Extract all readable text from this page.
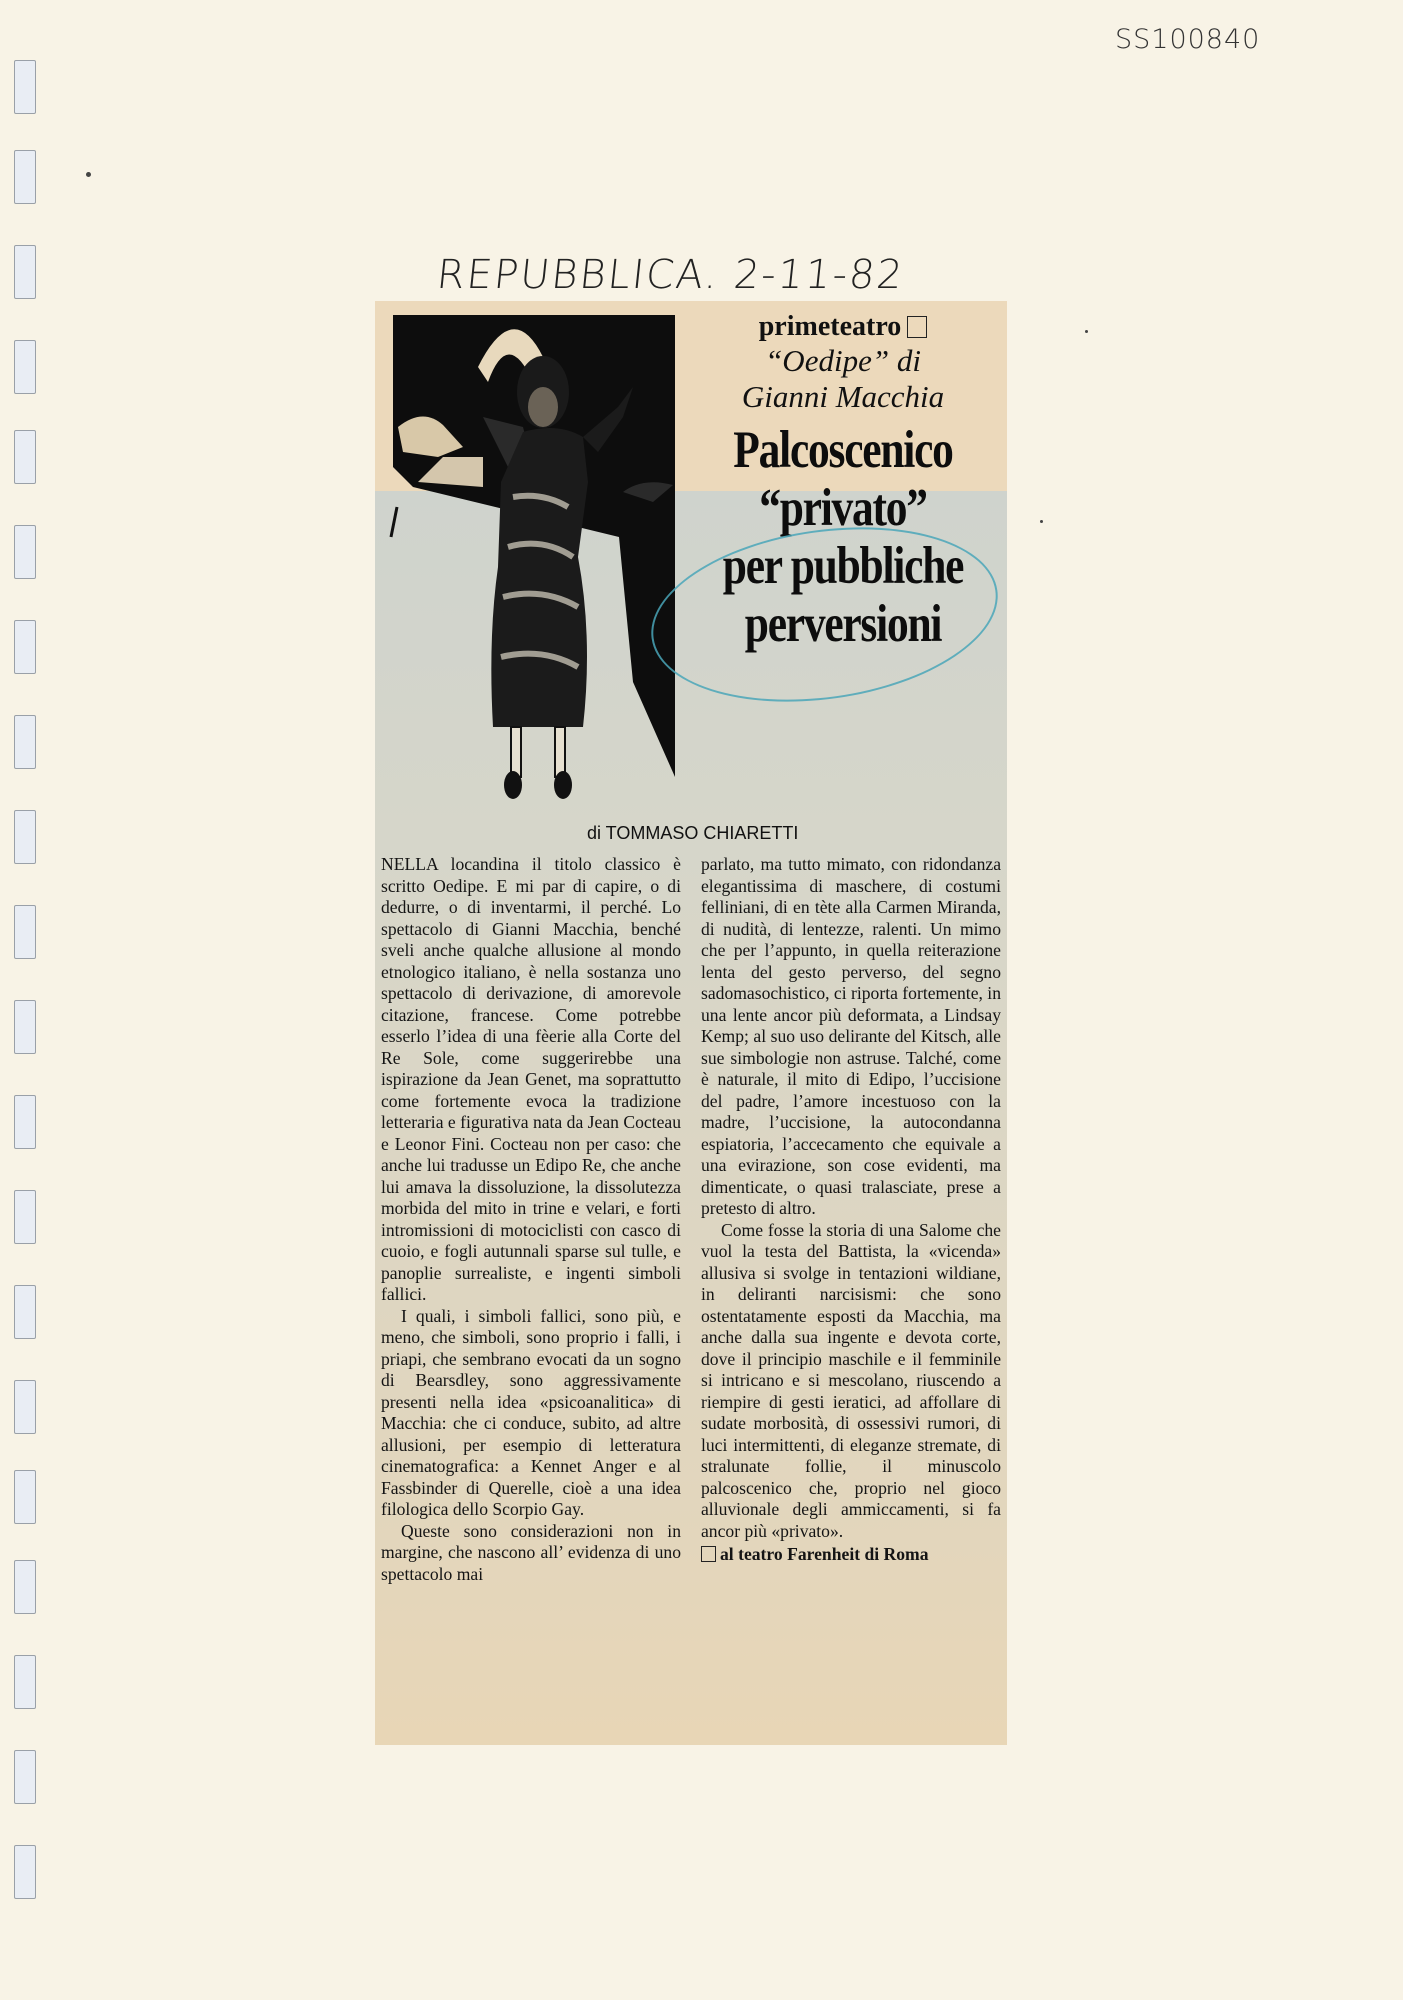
SS100840
REPUBBLICA. 2-11-82
primeteatro
“Oedipe” di
Gianni Macchia
Palcoscenico
“privato”
per pubbliche
perversioni
di TOMMASO CHIARETTI

NELLA locandina il titolo classico è scritto Oedipe. E mi par di capire, o di dedurre, o di inventarmi, il perché. Lo spettacolo di Gianni Macchia, benché sveli anche qualche allusione al mondo etnologico italiano, è nella sostanza uno spettacolo di derivazione, di amorevole citazione, francese. Come potrebbe esserlo l’idea di una fèerie alla Corte del Re Sole, come suggerirebbe una ispirazione da Jean Genet, ma soprattutto come fortemente evoca la tradizione letteraria e figurativa nata da Jean Cocteau e Leonor Fini. Cocteau non per caso: che anche lui tradusse un Edipo Re, che anche lui amava la dissoluzione, la dissolutezza morbida del mito in trine e velari, e forti intromissioni di motociclisti con casco di cuoio, e fogli autunnali sparse sul tulle, e panoplie surrealiste, e ingenti simboli fallici.

I quali, i simboli fallici, sono più, e meno, che simboli, sono proprio i falli, i priapi, che sembrano evocati da un sogno di Bearsdley, sono aggressivamente presenti nella idea «psicoanalitica» di Macchia: che ci conduce, subito, ad altre allusioni, per esempio di letteratura cinematografica: a Kennet Anger e al Fassbinder di Querelle, cioè a una idea filologica dello Scorpio Gay.

Queste sono considerazioni non in margine, che nascono all’ evidenza di uno spettacolo mai

parlato, ma tutto mimato, con ridondanza elegantissima di maschere, di costumi felliniani, di en tète alla Carmen Miranda, di nudità, di lentezze, ralenti. Un mimo che per l’appunto, in quella reiterazione lenta del gesto perverso, del segno sadomasochistico, ci riporta fortemente, in una lente ancor più deformata, a Lindsay Kemp; al suo uso delirante del Kitsch, alle sue simbologie non astruse. Talché, come è naturale, il mito di Edipo, l’uccisione del padre, l’amore incestuoso con la madre, l’uccisione, la autocondanna espiatoria, l’accecamento che equivale a una evirazione, son cose evidenti, ma dimenticate, o quasi tralasciate, prese a pretesto di altro.

Come fosse la storia di una Salome che vuol la testa del Battista, la «vicenda» allusiva si svolge in tentazioni wildiane, in deliranti narcisismi: che sono ostentatamente esposti da Macchia, ma anche dalla sua ingente e devota corte, dove il principio maschile e il femminile si intricano e si mescolano, riuscendo a riempire di gesti ieratici, ad affollare di sudate morbosità, di ossessivi rumori, di luci intermittenti, di eleganze stremate, di stralunate follie, il minuscolo palcoscenico che, proprio nel gioco alluvionale degli ammiccamenti, si fa ancor più «privato».

al teatro Farenheit di Roma
